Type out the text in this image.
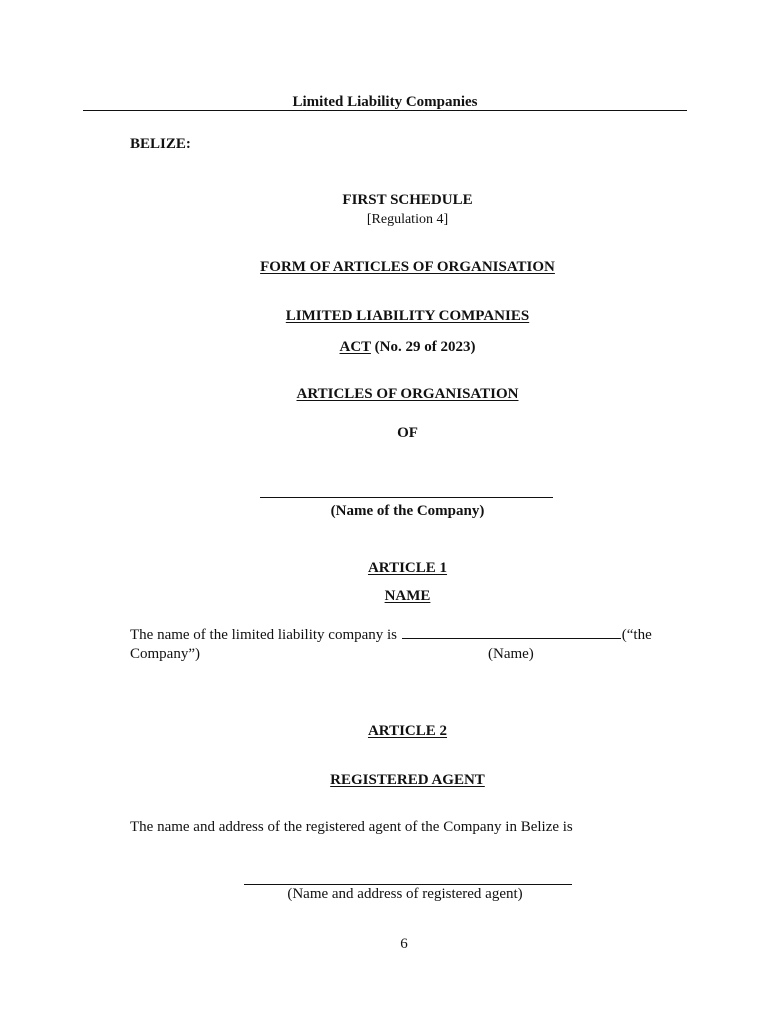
Limited Liability Companies
BELIZE:
FIRST SCHEDULE
[Regulation 4]
FORM OF ARTICLES OF ORGANISATION
LIMITED LIABILITY COMPANIES
ACT (No. 29 of 2023)
ARTICLES OF ORGANISATION
OF
(Name of the Company)
ARTICLE 1
NAME
The name of the limited liability company is	(“the
Company”)	(Name)
ARTICLE 2
REGISTERED AGENT
The name and address of the registered agent of the Company in Belize is
(Name and address of registered agent)
6
